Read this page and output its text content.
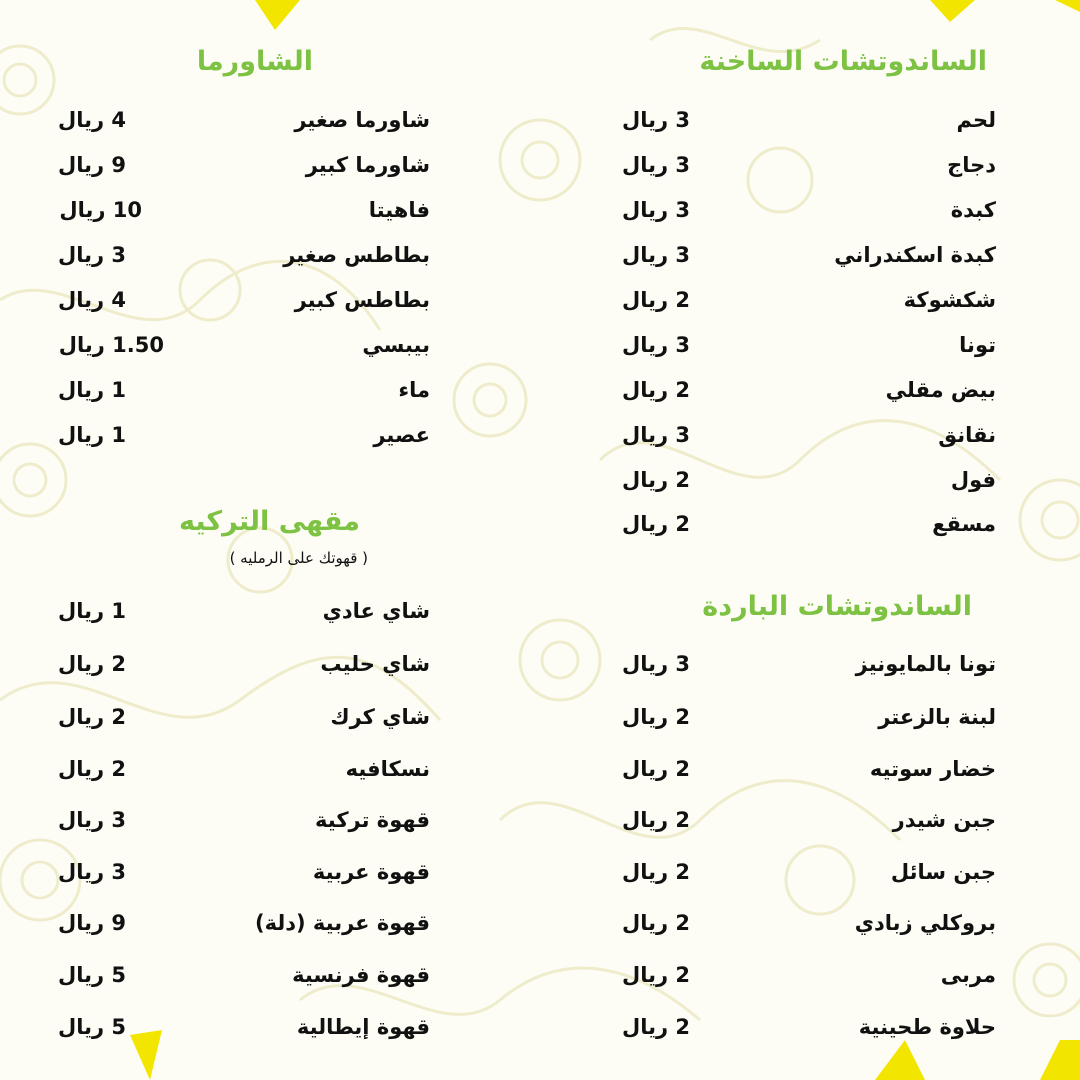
الساندوتشات الساخنة
لحم
3 ريال
دجاج
3 ريال
كبدة
3 ريال
كبدة اسكندراني
3 ريال
شكشوكة
2 ريال
تونا
3 ريال
بيض مقلي
2 ريال
نقانق
3 ريال
فول
2 ريال
مسقع
2 ريال
الساندوتشات الباردة
تونا بالمايونيز
3 ريال
لبنة بالزعتر
2 ريال
خضار سوتيه
2 ريال
جبن شيدر
2 ريال
جبن سائل
2 ريال
بروكلي زبادي
2 ريال
مربى
2 ريال
حلاوة طحينية
2 ريال
الشاورما
شاورما صغير
4 ريال
شاورما كبير
9 ريال
فاهيتا
10 ريال
بطاطس صغير
3 ريال
بطاطس كبير
4 ريال
بيبسي
1.50 ريال
ماء
1 ريال
عصير
1 ريال
مقهى التركيه
( قهوتك على الرمليه )
شاي عادي
1 ريال
شاي حليب
2 ريال
شاي كرك
2 ريال
نسكافيه
2 ريال
قهوة تركية
3 ريال
قهوة عربية
3 ريال
قهوة عربية (دلة)
9 ريال
قهوة فرنسية
5 ريال
قهوة إيطالية
5 ريال
